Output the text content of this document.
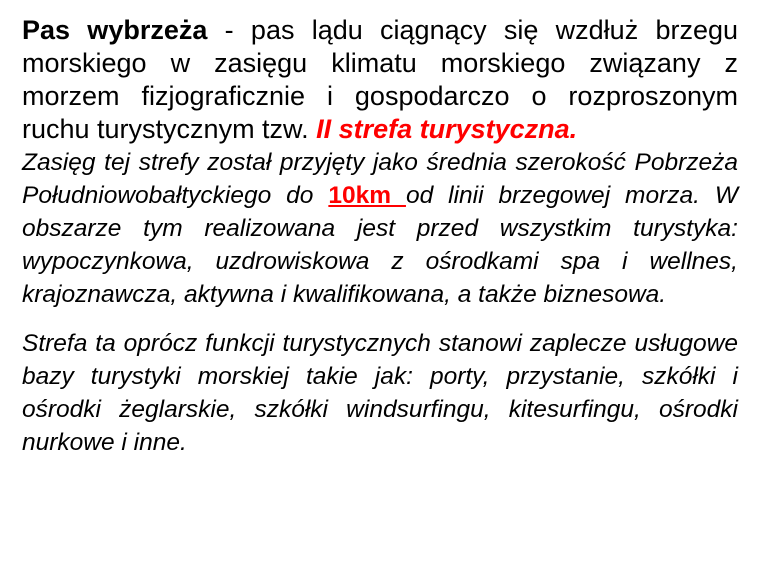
Pas wybrzeża - pas lądu ciągnący się wzdłuż brzegu morskiego w zasięgu klimatu morskiego związany z morzem fizjograficznie i gospodarczo o rozproszonym ruchu turystycznym tzw. II strefa turystyczna.

Zasięg tej strefy został przyjęty jako średnia szerokość Pobrzeża Południowobałtyckiego do 10km od linii brzegowej morza. W obszarze tym realizowana jest przed wszystkim turystyka: wypoczynkowa, uzdrowiskowa z ośrodkami spa i wellnes, krajoznawcza, aktywna i kwalifikowana, a także biznesowa.

Strefa ta oprócz funkcji turystycznych stanowi zaplecze usługowe bazy turystyki morskiej takie jak: porty, przystanie, szkółki i ośrodki żeglarskie, szkółki windsurfingu, kitesurfingu, ośrodki nurkowe i inne.
